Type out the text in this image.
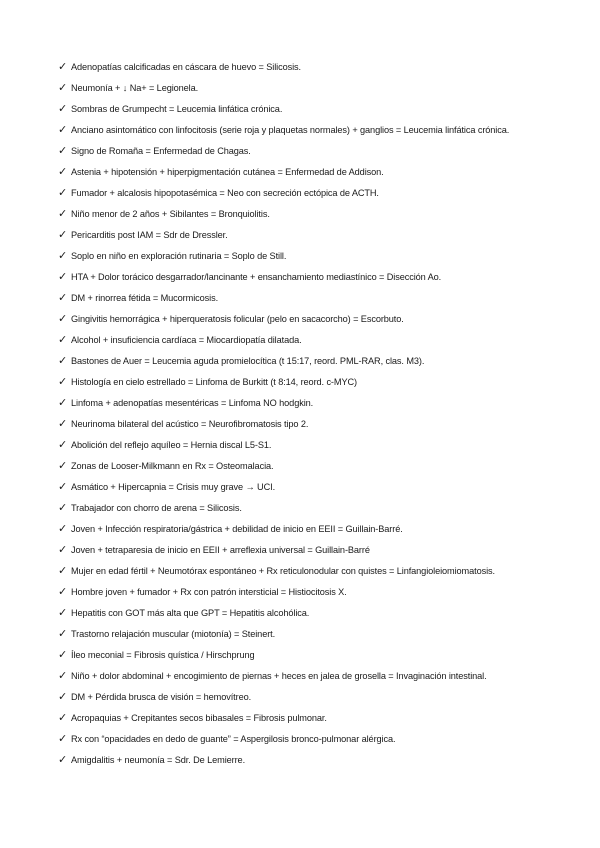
✓ Adenopatías calcificadas en cáscara de huevo = Silicosis.
✓ Neumonía + ↓ Na+ = Legionela.
✓ Sombras de Grumpecht = Leucemia linfática crónica.
✓ Anciano asintomático con linfocitosis (serie roja y plaquetas normales) + ganglios = Leucemia linfática crónica.
✓ Signo de Romaña = Enfermedad de Chagas.
✓ Astenia + hipotensión + hiperpigmentación cutánea = Enfermedad de Addison.
✓ Fumador + alcalosis hipopotasémica = Neo con secreción ectópica de ACTH.
✓ Niño menor de 2 años + Sibilantes = Bronquiolitis.
✓ Pericarditis post IAM = Sdr de Dressler.
✓ Soplo en niño en exploración rutinaria = Soplo de Still.
✓ HTA + Dolor torácico desgarrador/lancinante + ensanchamiento mediastínico = Disección Ao.
✓ DM + rinorrea fétida = Mucormicosis.
✓ Gingivitis hemorrágica + hiperqueratosis folicular (pelo en sacacorcho) = Escorbuto.
✓ Alcohol + insuficiencia cardíaca = Miocardiopatía dilatada.
✓ Bastones de Auer = Leucemia aguda promielocítica (t 15:17, reord. PML-RAR, clas. M3).
✓ Histología en cielo estrellado = Linfoma de Burkitt (t 8:14, reord. c-MYC)
✓ Linfoma + adenopatías mesentéricas = Linfoma NO hodgkin.
✓ Neurinoma bilateral del acústico = Neurofibromatosis tipo 2.
✓ Abolición del reflejo aquíleo = Hernia discal L5-S1.
✓ Zonas de Looser-Milkmann en Rx = Osteomalacia.
✓ Asmático + Hipercapnia = Crisis muy grave → UCI.
✓ Trabajador con chorro de arena = Silicosis.
✓ Joven + Infección respiratoria/gástrica + debilidad de inicio en EEII = Guillain-Barré.
✓ Joven + tetraparesia de inicio en EEII + arreflexia universal = Guillain-Barré
✓ Mujer en edad fértil + Neumotórax espontáneo + Rx reticulonodular con quistes = Linfangioleiomiomatosis.
✓ Hombre joven + fumador + Rx con patrón intersticial = Histiocitosis X.
✓ Hepatitis con GOT más alta que GPT = Hepatitis alcohólica.
✓ Trastorno relajación muscular (miotonía) = Steinert.
✓ Íleo meconial = Fibrosis quística / Hirschprung
✓ Niño + dolor abdominal + encogimiento de piernas + heces en jalea de grosella = Invaginación intestinal.
✓ DM + Pérdida brusca de visión = hemovítreo.
✓ Acropaquias + Crepitantes secos bibasales = Fibrosis pulmonar.
✓ Rx con “opacidades en dedo de guante” = Aspergilosis bronco-pulmonar alérgica.
✓ Amigdalitis + neumonía = Sdr. De Lemierre.
